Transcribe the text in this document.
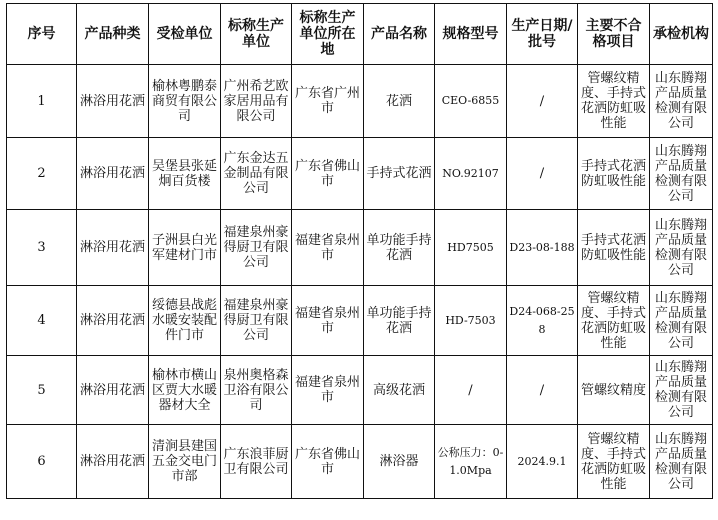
序号	产品种类	受检单位	标称生产单位	标称生产单位所在地	产品名称	规格型号	生产日期/批号	主要不合格项目	承检机构
1	淋浴用花洒	榆林粤鹏泰商贸有限公司	广州希艺欧家居用品有限公司	广东省广州市	花洒	CEO-6855	/	管螺纹精度、手持式花洒防虹吸性能	山东腾翔产品质量检测有限公司
2	淋浴用花洒	吴堡县张延炯百货楼	广东金达五金制品有限公司	广东省佛山市	手持式花洒	NO.92107	/	手持式花洒防虹吸性能	山东腾翔产品质量检测有限公司
3	淋浴用花洒	子洲县白光军建材门市	福建泉州豪得厨卫有限公司	福建省泉州市	单功能手持花洒	HD7505	D23-08-188	手持式花洒防虹吸性能	山东腾翔产品质量检测有限公司
4	淋浴用花洒	绥德县战彪水暖安装配件门市	福建泉州豪得厨卫有限公司	福建省泉州市	单功能手持花洒	HD-7503	D24-068-258	管螺纹精度、手持式花洒防虹吸性能	山东腾翔产品质量检测有限公司
5	淋浴用花洒	榆林市横山区贾大水暖器材大全	泉州奥格森卫浴有限公司	福建省泉州市	高级花洒	/	/	管螺纹精度	山东腾翔产品质量检测有限公司
6	淋浴用花洒	清涧县建国五金交电门市部	广东浪菲厨卫有限公司	广东省佛山市	淋浴器	公称压力：0-1.0Mpa	2024.9.1	管螺纹精度、手持式花洒防虹吸性能	山东腾翔产品质量检测有限公司
